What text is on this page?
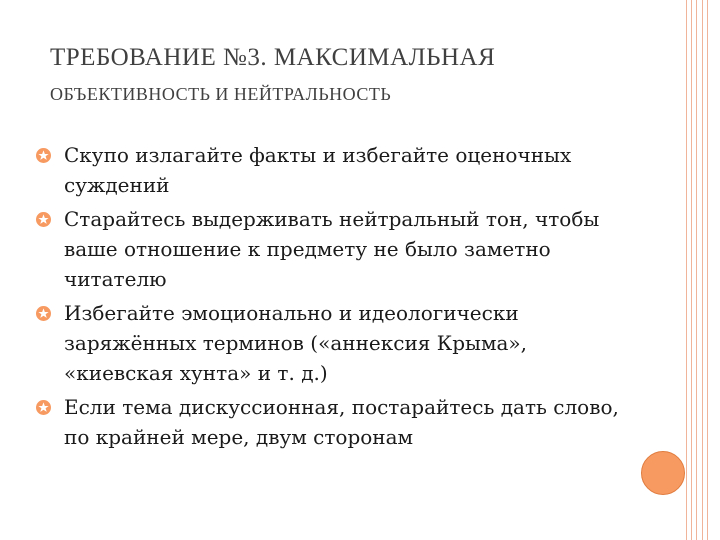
ТРЕБОВАНИЕ №3. МАКСИМАЛЬНАЯ
ОБЪЕКТИВНОСТЬ И НЕЙТРАЛЬНОСТЬ
Скупо излагайте факты и избегайте оценочных суждений
Старайтесь выдерживать нейтральный тон, чтобы ваше отношение к предмету не было заметно читателю
Избегайте эмоционально и идеологически заряжённых терминов («аннексия Крыма», «киевская хунта» и т. д.)
Если тема дискуссионная, постарайтесь дать слово, по крайней мере, двум сторонам
